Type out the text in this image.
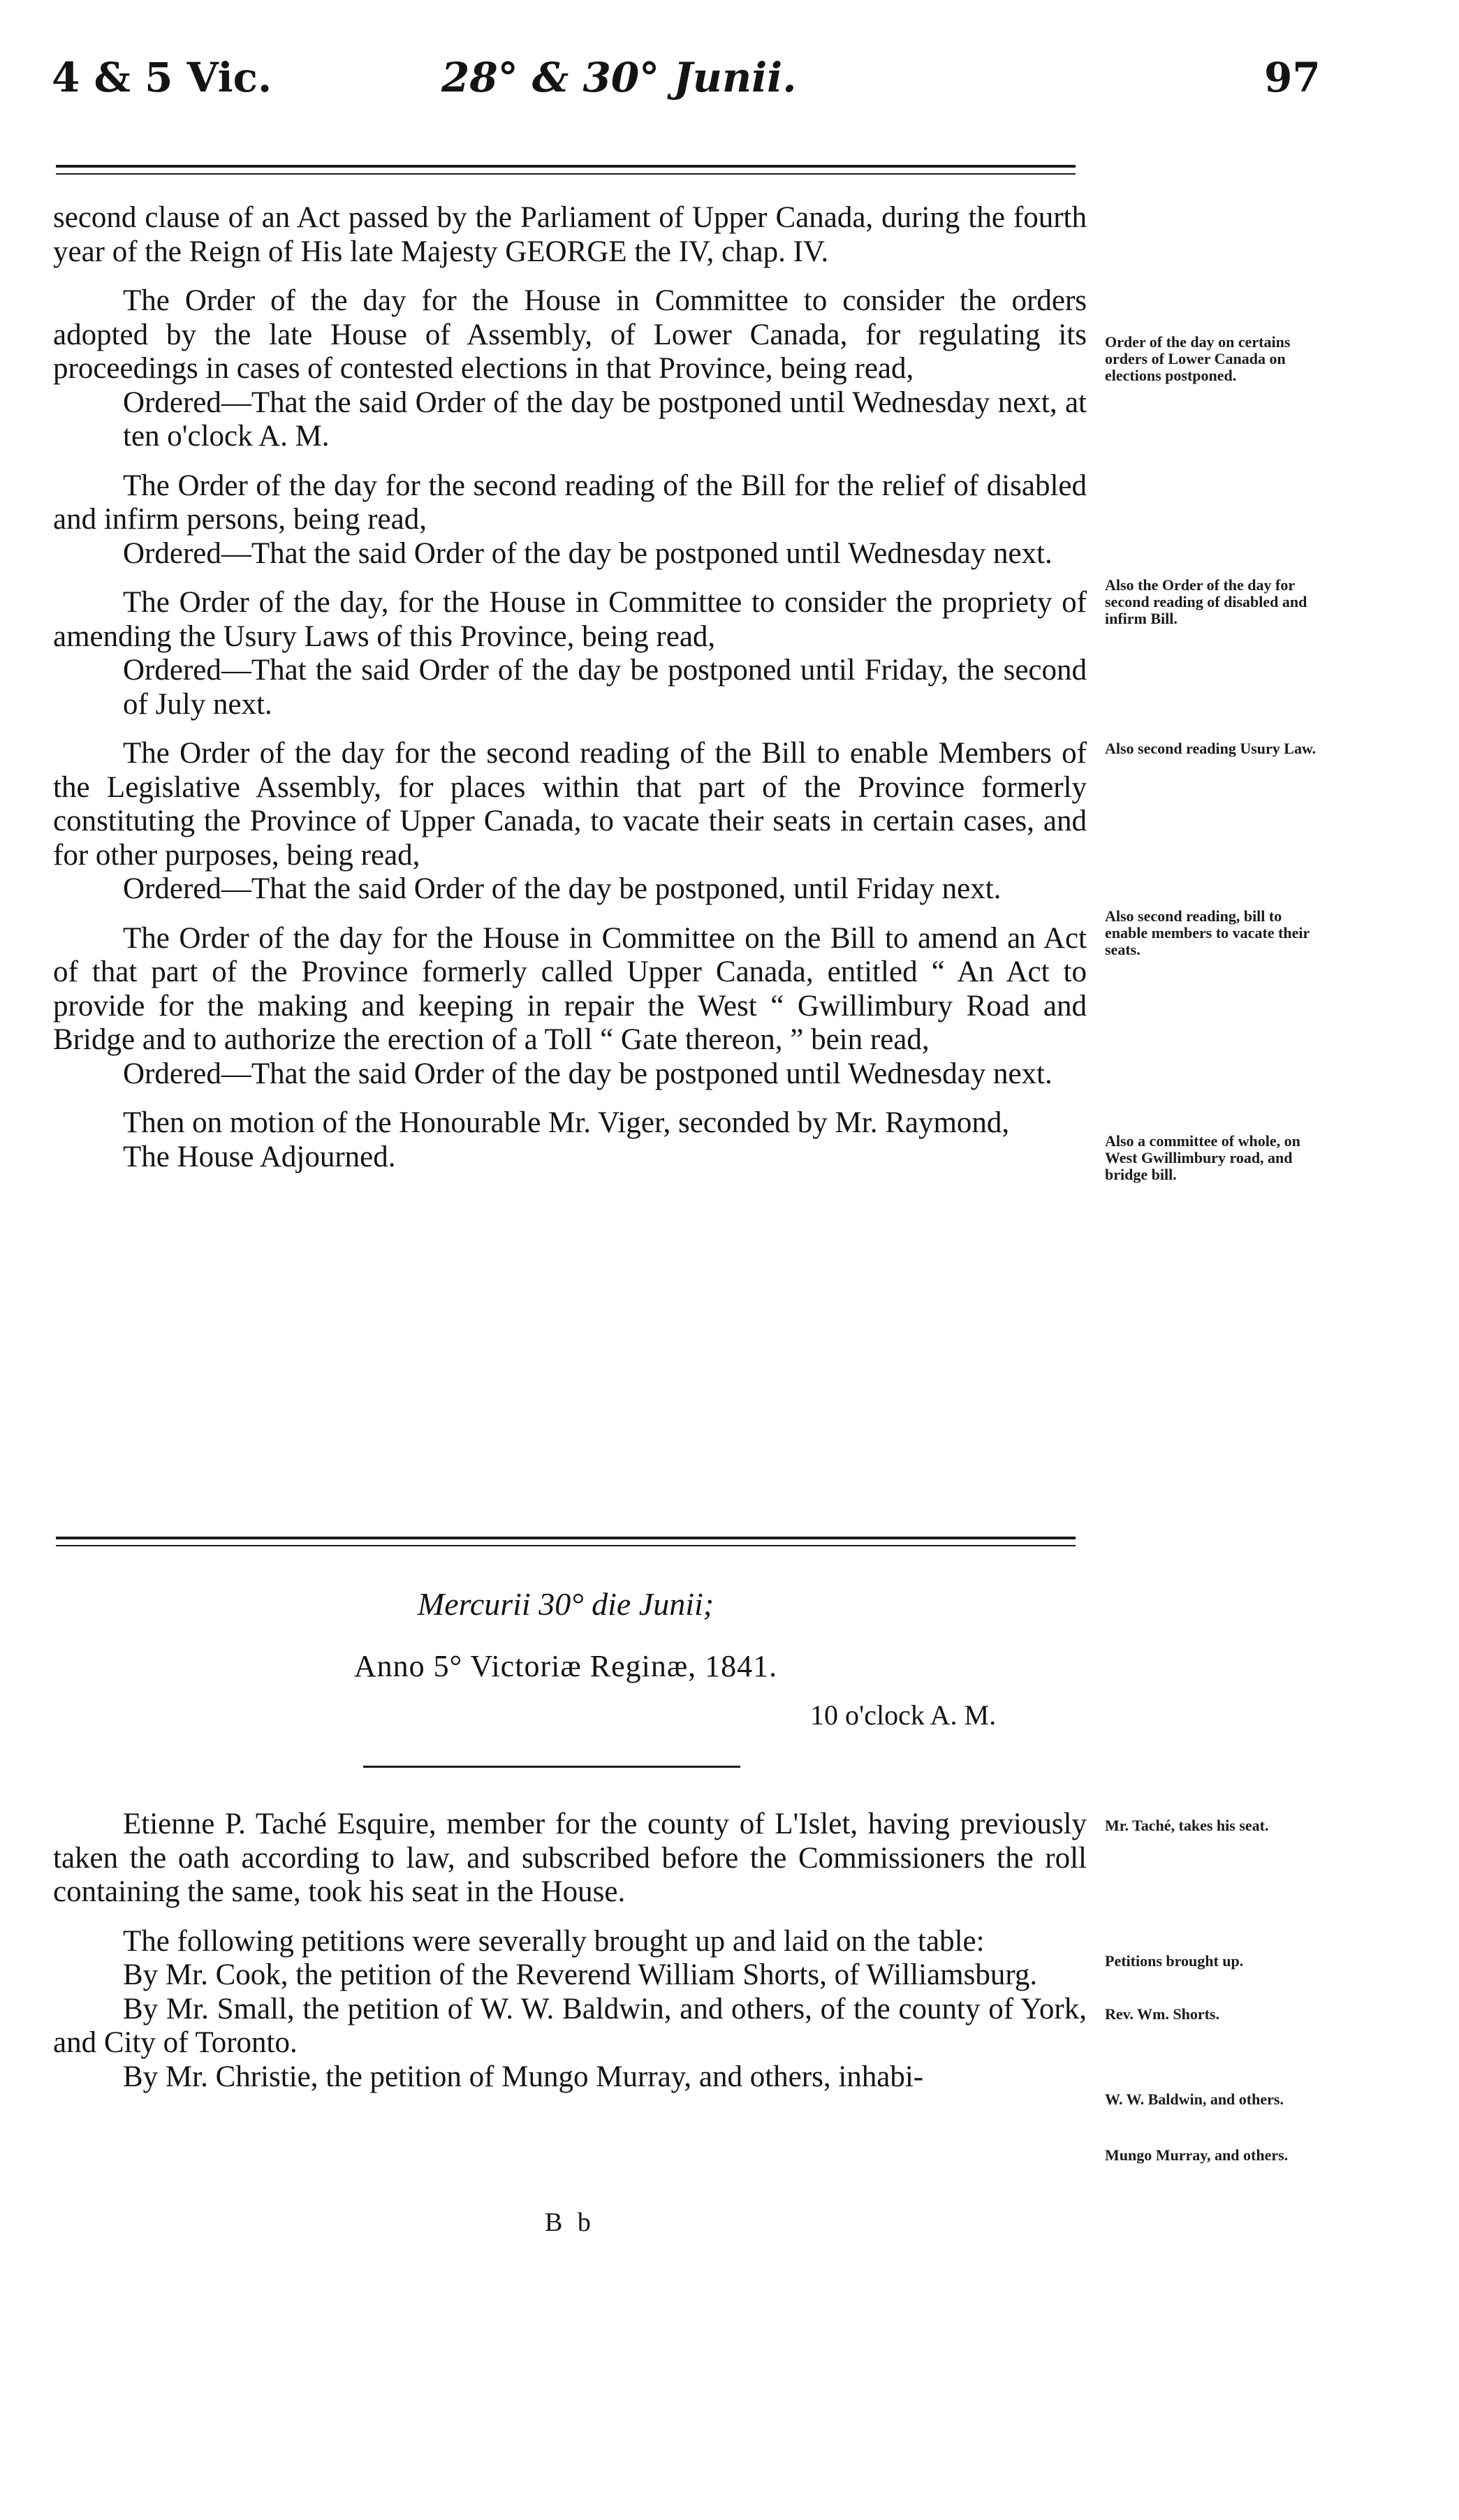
4 & 5 Vic.	28° & 30° Junii.	97

second clause of an Act passed by the Parliament of Upper Canada, during the fourth year of the Reign of His late Majesty GEORGE the IV, chap. IV.

The Order of the day for the House in Committee to consider the orders adopted by the late House of Assembly, of Lower Canada, for regulating its proceedings in cases of contested elections in that Province, being read,

Ordered—That the said Order of the day be postponed until Wednesday next, at ten o'clock A. M.

The Order of the day for the second reading of the Bill for the relief of disabled and infirm persons, being read,

Ordered—That the said Order of the day be postponed until Wednesday next.

The Order of the day, for the House in Committee to consider the propriety of amending the Usury Laws of this Province, being read,

Ordered—That the said Order of the day be postponed until Friday, the second of July next.

The Order of the day for the second reading of the Bill to enable Members of the Legislative Assembly, for places within that part of the Province formerly constituting the Province of Upper Canada, to vacate their seats in certain cases, and for other purposes, being read,

Ordered—That the said Order of the day be postponed, until Friday next.

The Order of the day for the House in Committee on the Bill to amend an Act of that part of the Province formerly called Upper Canada, entitled “ An Act to provide for the making and keeping in repair the West “ Gwillimbury Road and Bridge and to authorize the erection of a Toll “ Gate thereon, ” bein read,

Ordered—That the said Order of the day be postponed until Wednesday next.

Then on motion of the Honourable Mr. Viger, seconded by Mr. Raymond,

The House Adjourned.

Order of the day on certains orders of Lower Canada on elections postponed.
Also the Order of the day for second reading of disabled and infirm Bill.
Also second reading Usury Law.
Also second reading, bill to enable members to vacate their seats.
Also a committee of whole, on West Gwillimbury road, and bridge bill.
Mercurii 30° die Junii;
Anno 5° Victoriæ Reginæ, 1841.
10 o'clock A. M.

Etienne P. Taché Esquire, member for the county of L'Islet, having previously taken the oath according to law, and subscribed before the Commissioners the roll containing the same, took his seat in the House.

The following petitions were severally brought up and laid on the table:

By Mr. Cook, the petition of the Reverend William Shorts, of Williamsburg.

By Mr. Small, the petition of W. W. Baldwin, and others, of the county of York, and City of Toronto.

By Mr. Christie, the petition of Mungo Murray, and others, inhabi-

Mr. Taché, takes his seat.
Petitions brought up.
Rev. Wm. Shorts.
W. W. Baldwin, and others.
Mungo Murray, and others.
B b
